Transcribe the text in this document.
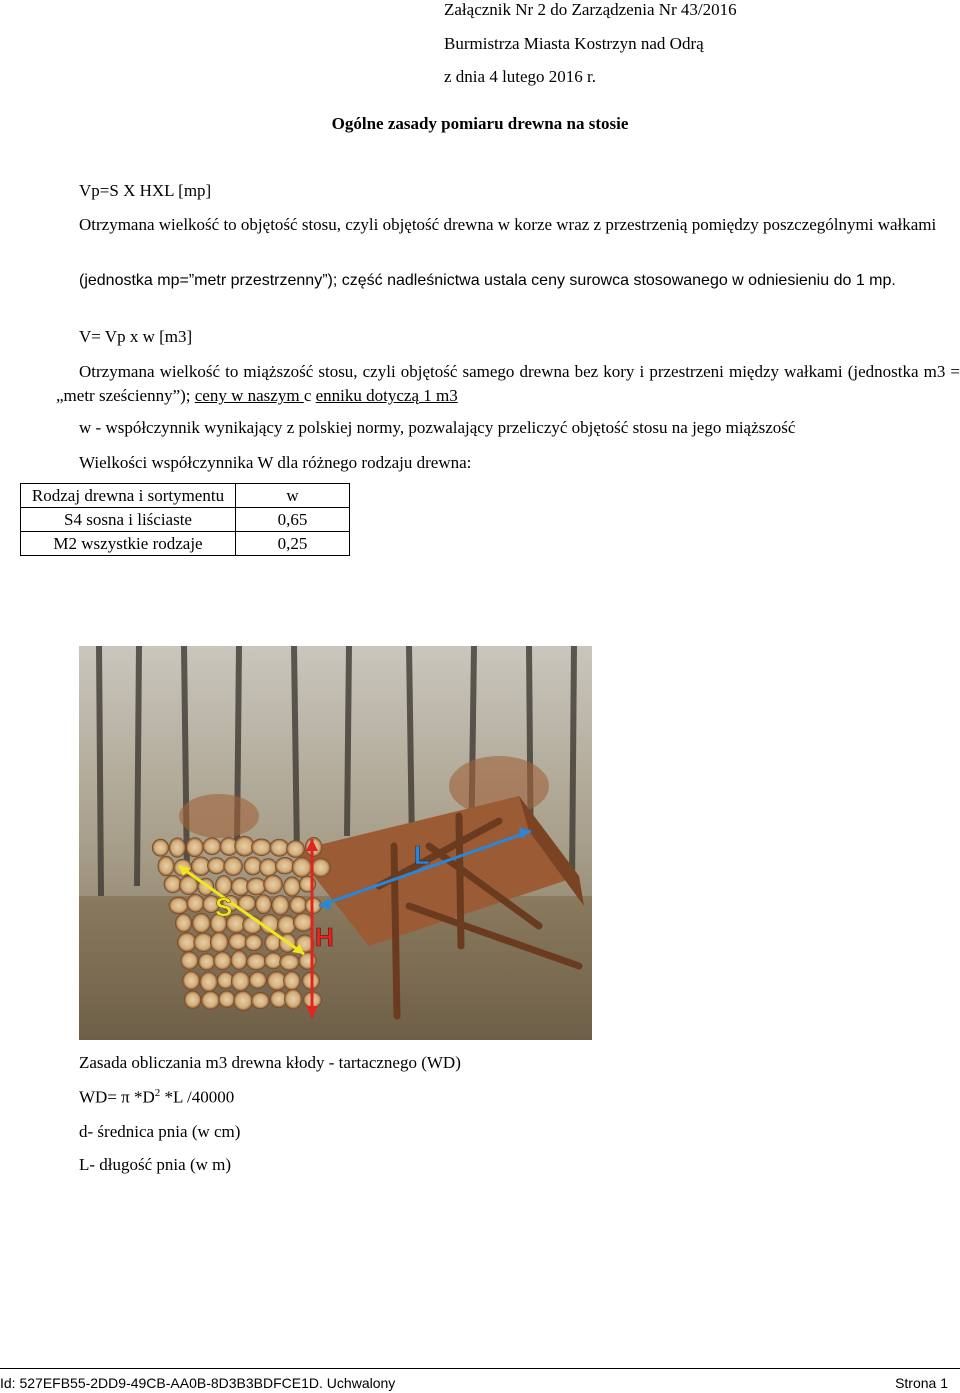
Załącznik Nr 2 do Zarządzenia Nr 43/2016
Burmistrza Miasta Kostrzyn nad Odrą
z dnia 4 lutego 2016 r.
Ogólne zasady pomiaru drewna na stosie
Vp=S X HXL [mp]
Otrzymana wielkość to objętość stosu, czyli objętość drewna w korze wraz z przestrzenią pomiędzy poszczególnymi wałkami
(jednostka mp=”metr przestrzenny”); część nadleśnictwa ustala ceny surowca stosowanego w odniesieniu do 1 mp.
V= Vp x w [m3]
Otrzymana wielkość to miąższość stosu, czyli objętość samego drewna bez kory i przestrzeni między wałkami (jednostka m3 = „metr sześcienny”); ceny w naszym c enniku dotyczą 1 m3
w - współczynnik wynikający z polskiej normy, pozwalający przeliczyć objętość stosu na jego miąższość
Wielkości współczynnika W dla różnego rodzaju drewna:
Rodzaj drewna i sortymentu	w
S4 sosna i liściaste	0,65
M2 wszystkie rodzaje	0,25
S
H
L
Zasada obliczania m3 drewna kłody - tartacznego (WD)
WD= π $*D^2$ *L /40000
d- średnica pnia (w cm)
L- długość pnia (w m)
Id: 527EFB55-2DD9-49CB-AA0B-8D3B3BDFCE1D. Uchwalony	Strona 1
